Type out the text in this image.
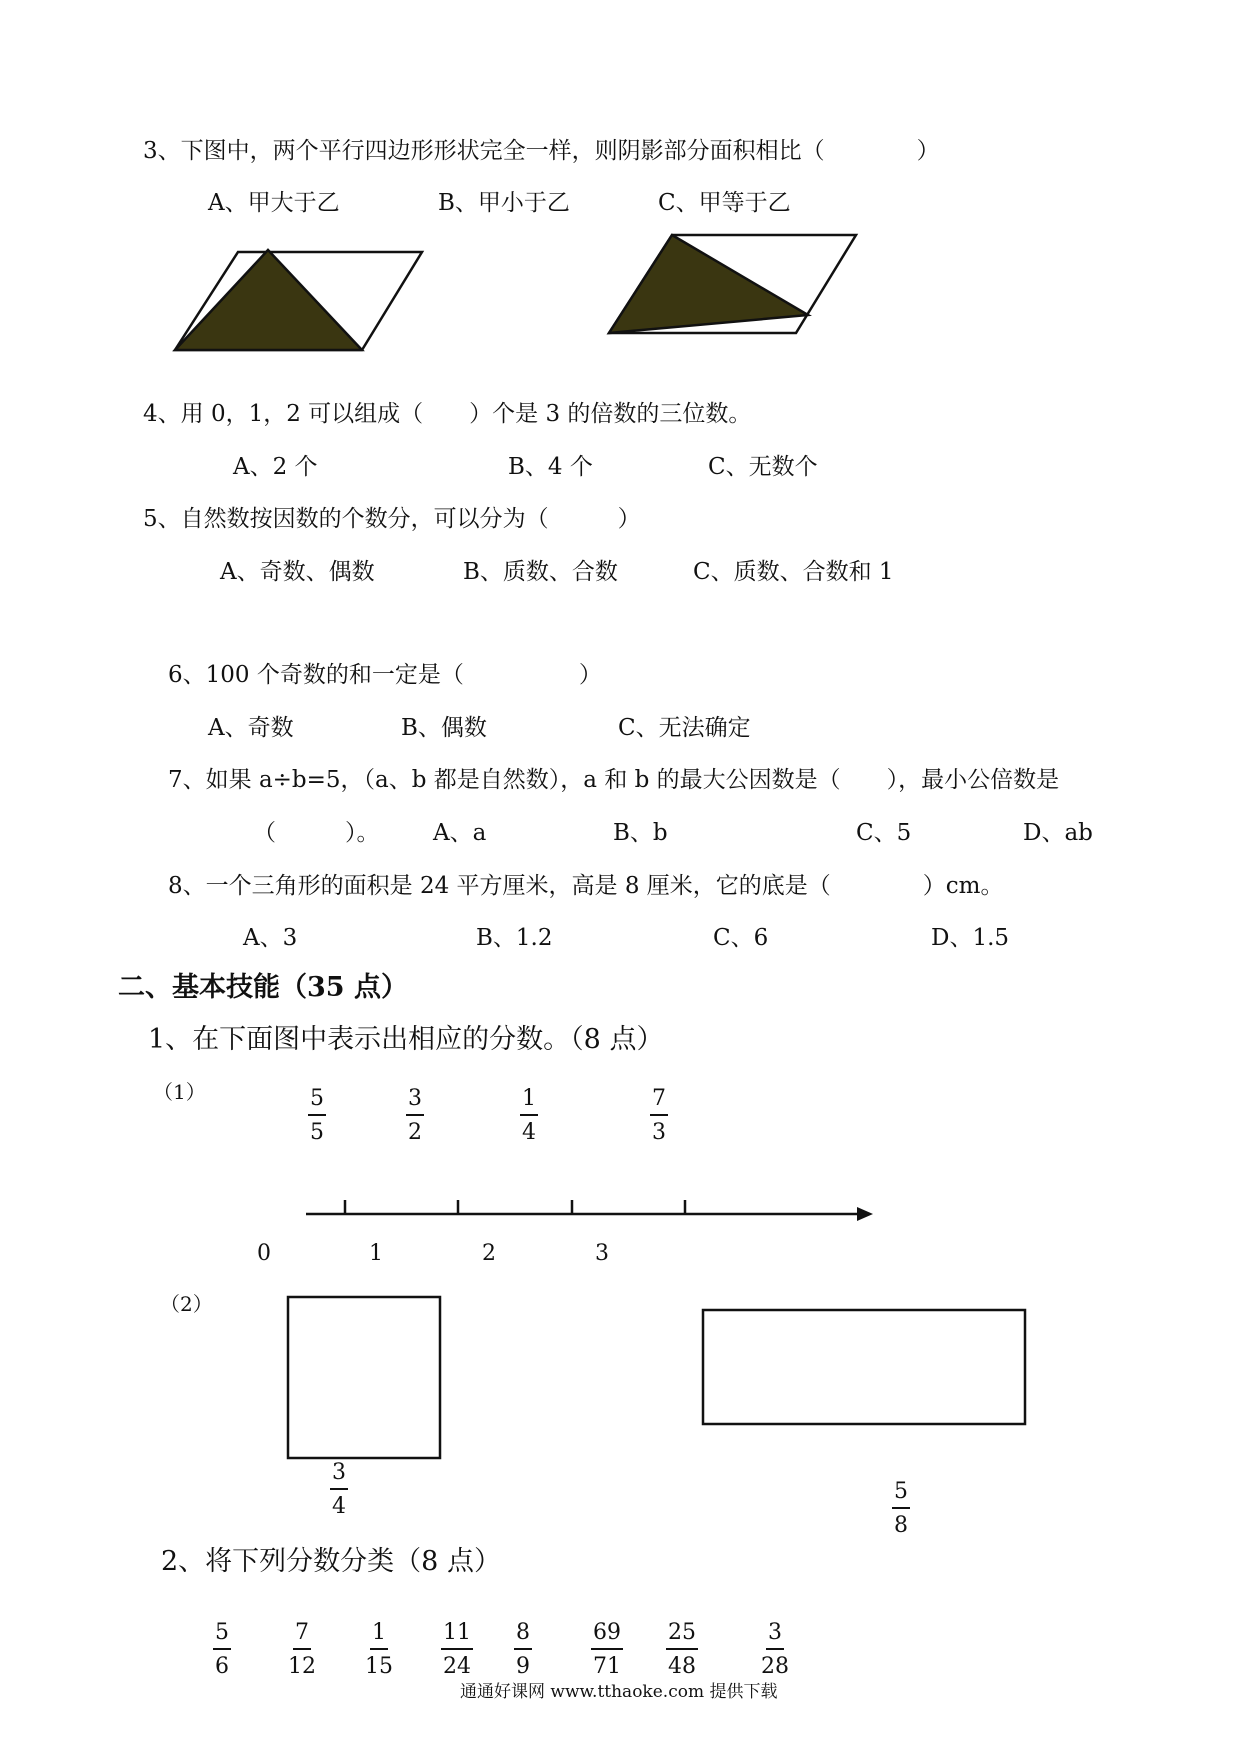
3、下图中，两个平行四边形形状完全一样，则阴影部分面积相比（　　　　）
A、甲大于乙	B、甲小于乙	C、甲等于乙
4、用 0，1，2 可以组成（　　）个是 3 的倍数的三位数。
A、2 个	B、4 个	C、无数个
5、自然数按因数的个数分，可以分为（　　　）
A、奇数、偶数	B、质数、合数	C、质数、合数和 1
6、100 个奇数的和一定是（　　　　　）
A、奇数	B、偶数	C、无法确定
7、如果 a÷b=5，（a、b 都是自然数），a 和 b 的最大公因数是（　　），最小公倍数是
（　　　）。 A、a	B、b	C、5	D、ab
8、一个三角形的面积是 24 平方厘米，高是 8 厘米，它的底是（　　　　）cm。
A、3	B、1.2	C、6	D、1.5
二、基本技能（35 点）
1、在下面图中表示出相应的分数。（8 点）
（1）	$\frac{5}{5}$	$\frac{3}{2}$	$\frac{1}{4}$	$\frac{7}{3}$
0	1	2	3
（2）
$\frac{3}{4}$	$\frac{5}{8}$
2、将下列分数分类（8 点）
$\frac{5}{6}$	$\frac{7}{12} \frac{1}{15} \frac{11}{24} \frac{8}{9}$	$\frac{69}{71} \frac{25}{48}$	$\frac{3}{28}$
通通好课网 www.tthaoke.com 提供下载
